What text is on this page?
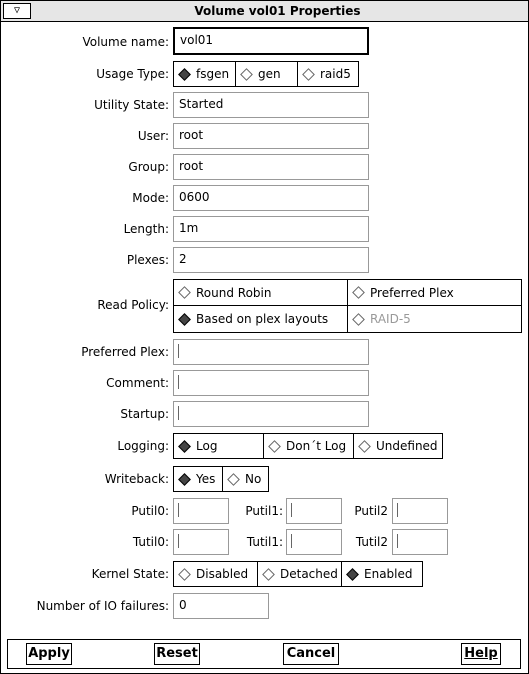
▽	Volume vol01 Properties
Volume name: vol01
Usage Type: fsgen gen	raid5
Utility State: Started
User: root
Group: root
Mode: 0600
Length: 1m
Plexes: 2
Read Policy:
Round Robin	Preferred Plex
Based on plex layouts	RAID-5
Preferred Plex:
Comment:
Startup:
Logging: Log	Don´t Log Undefined
Writeback: Yes No
Putil0:	Putil1:	Putil2
Tutil0:	Tutil1:	Tutil2
Kernel State: Disabled	Detached Enabled
Number of IO failures: 0
Apply	Reset	Cancel	Help
